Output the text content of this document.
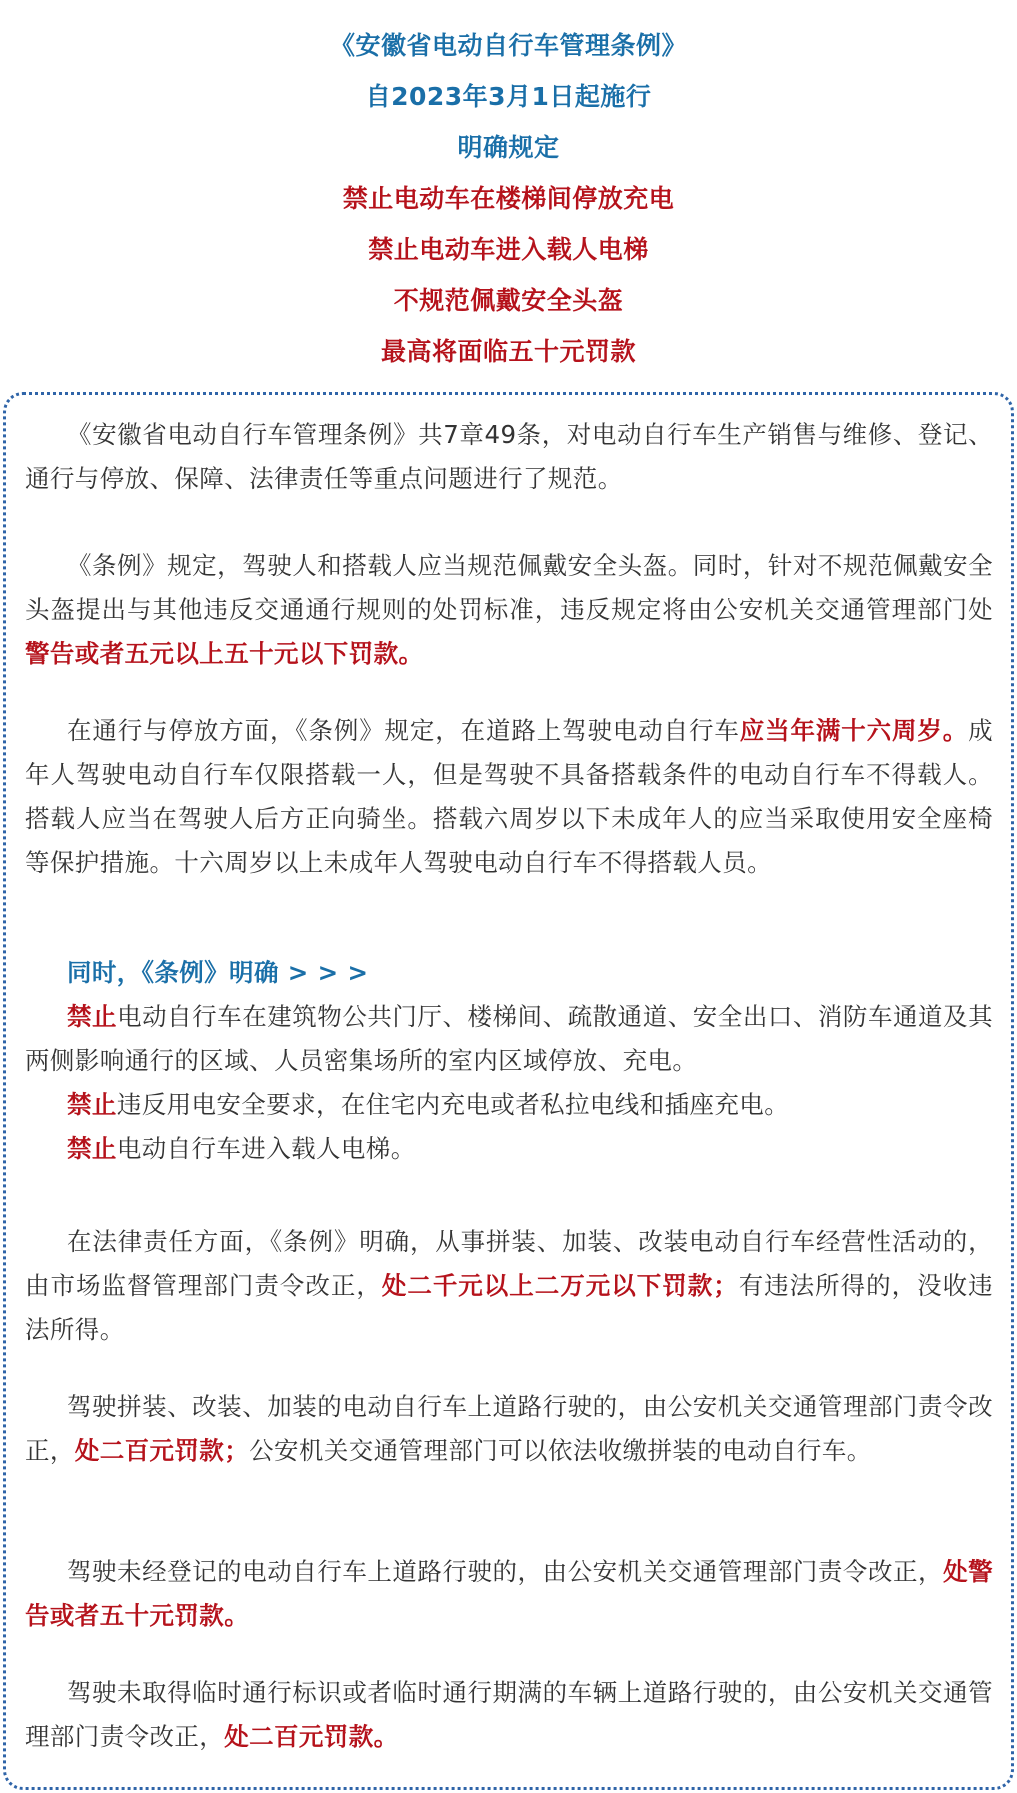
《安徽省电动自行车管理条例》
自2023年3月1日起施行
明确规定
禁止电动车在楼梯间停放充电
禁止电动车进入载人电梯
不规范佩戴安全头盔
最高将面临五十元罚款

《安徽省电动自行车管理条例》共7章49条，对电动自行车生产销售与维修、登记、通行与停放、保障、法律责任等重点问题进行了规范。

《条例》规定，驾驶人和搭载人应当规范佩戴安全头盔。同时，针对不规范佩戴安全头盔提出与其他违反交通通行规则的处罚标准，违反规定将由公安机关交通管理部门处警告或者五元以上五十元以下罚款。

在通行与停放方面，《条例》规定，在道路上驾驶电动自行车应当年满十六周岁。成年人驾驶电动自行车仅限搭载一人，但是驾驶不具备搭载条件的电动自行车不得载人。搭载人应当在驾驶人后方正向骑坐。搭载六周岁以下未成年人的应当采取使用安全座椅等保护措施。十六周岁以上未成年人驾驶电动自行车不得搭载人员。

同时，《条例》明确 > > >

禁止电动自行车在建筑物公共门厅、楼梯间、疏散通道、安全出口、消防车通道及其两侧影响通行的区域、人员密集场所的室内区域停放、充电。

禁止违反用电安全要求，在住宅内充电或者私拉电线和插座充电。

禁止电动自行车进入载人电梯。

在法律责任方面，《条例》明确，从事拼装、加装、改装电动自行车经营性活动的，由市场监督管理部门责令改正，处二千元以上二万元以下罚款；有违法所得的，没收违法所得。

驾驶拼装、改装、加装的电动自行车上道路行驶的，由公安机关交通管理部门责令改正，处二百元罚款；公安机关交通管理部门可以依法收缴拼装的电动自行车。

驾驶未经登记的电动自行车上道路行驶的，由公安机关交通管理部门责令改正，处警告或者五十元罚款。

驾驶未取得临时通行标识或者临时通行期满的车辆上道路行驶的，由公安机关交通管理部门责令改正，处二百元罚款。
